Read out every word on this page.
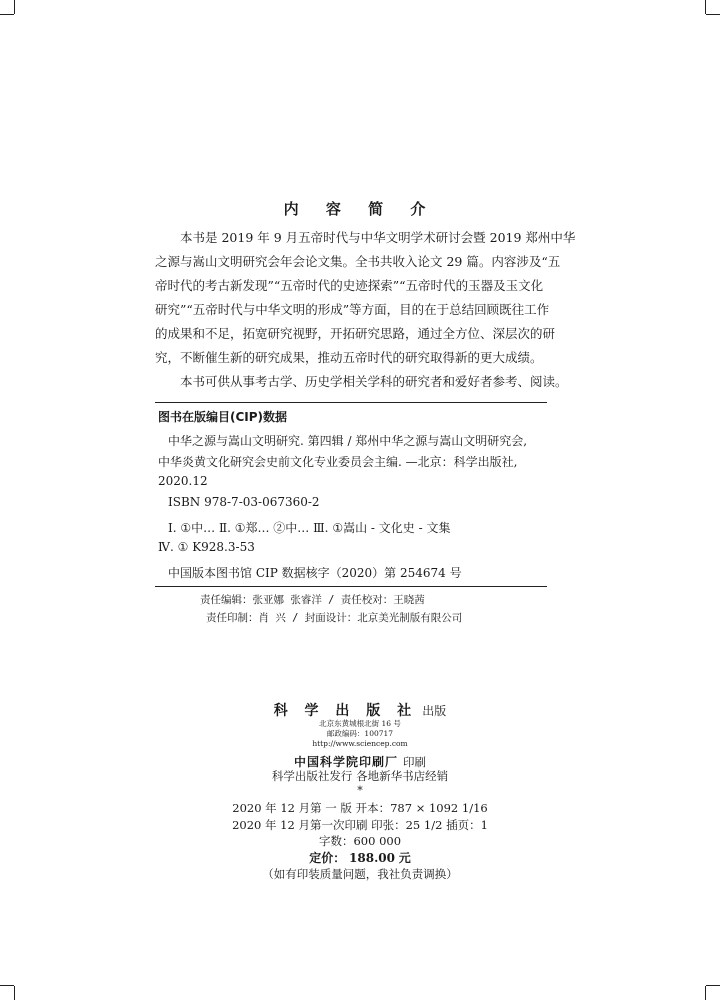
内 容 简 介
本书是 2019 年 9 月五帝时代与中华文明学术研讨会暨 2019 郑州中华
之源与嵩山文明研究会年会论文集。全书共收入论文 29 篇。内容涉及“五
帝时代的考古新发现”“五帝时代的史迹探索”“五帝时代的玉器及玉文化
研究”“五帝时代与中华文明的形成”等方面，目的在于总结回顾既往工作
的成果和不足，拓宽研究视野，开拓研究思路，通过全方位、深层次的研
究，不断催生新的研究成果，推动五帝时代的研究取得新的更大成绩。
本书可供从事考古学、历史学相关学科的研究者和爱好者参考、阅读。
图书在版编目(CIP)数据
中华之源与嵩山文明研究. 第四辑 / 郑州中华之源与嵩山文明研究会,
中华炎黄文化研究会史前文化专业委员会主编. —北京：科学出版社,
2020.12
ISBN 978-7-03-067360-2
Ⅰ. ①中… Ⅱ. ①郑… ②中… Ⅲ. ①嵩山 - 文化史 - 文集
Ⅳ. ① K928.3-53
中国版本图书馆 CIP 数据核字（2020）第 254674 号
责任编辑：张亚娜 张睿洋 / 责任校对：王晓茜
责任印制：肖 兴 / 封面设计：北京美光制版有限公司
科 学 出 版 社 出版
北京东黄城根北街 16 号
邮政编码：100717
http://www.sciencep.com
中国科学院印刷厂 印刷
科学出版社发行 各地新华书店经销
*
2020 年 12 月第 一 版 开本：787 × 1092 1/16
2020 年 12 月第一次印刷 印张：25 1/2 插页：1
字数：600 000
定价： 188.00 元
（如有印装质量问题，我社负责调换）
